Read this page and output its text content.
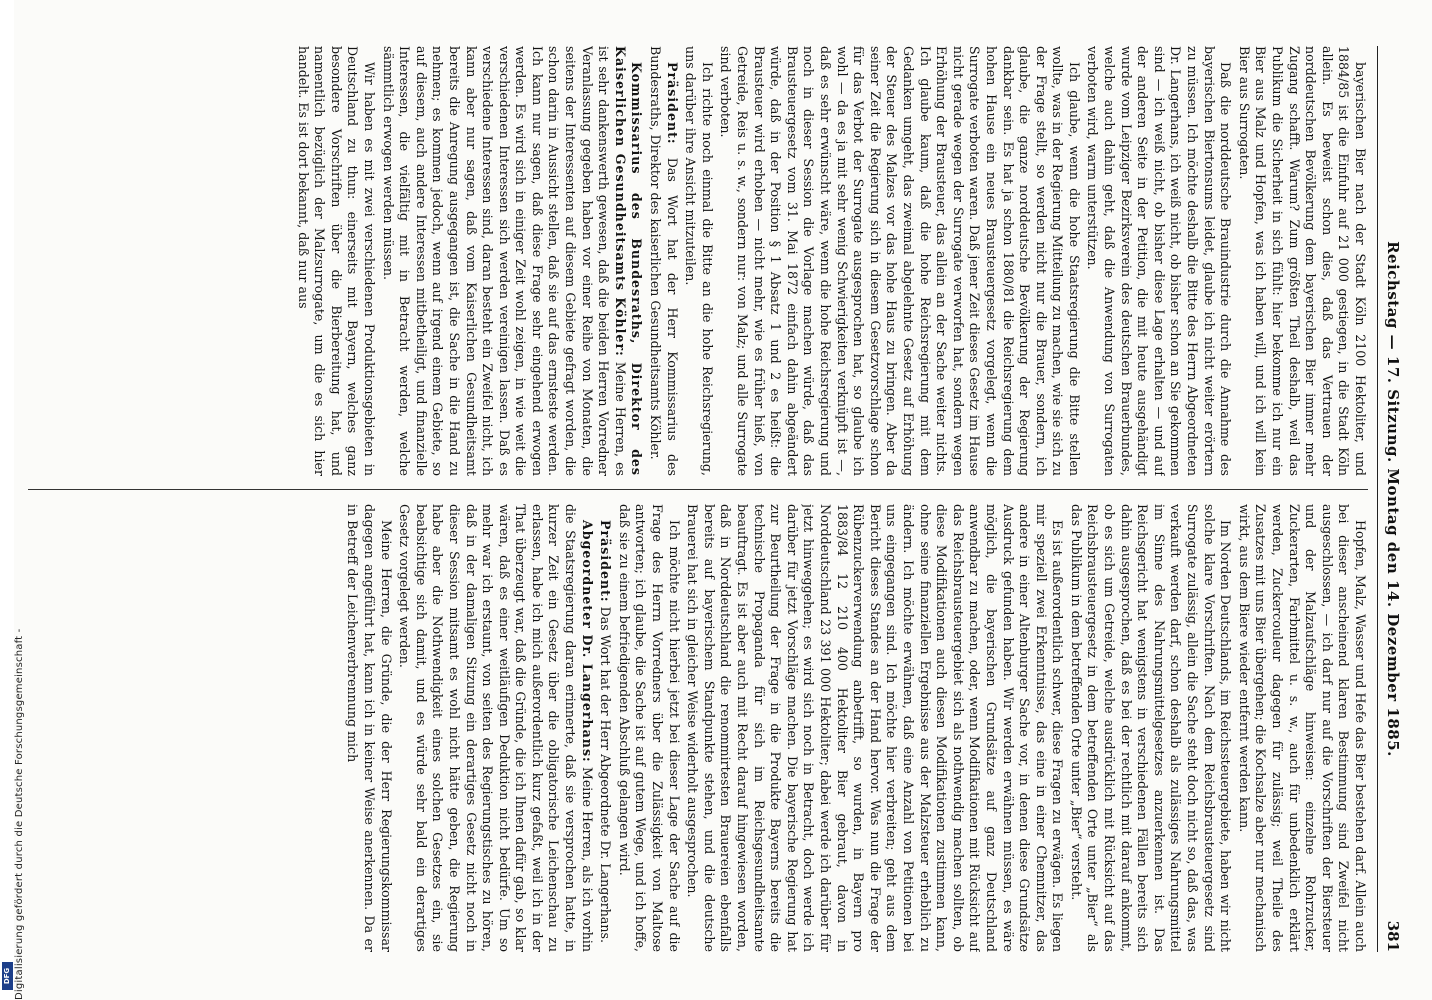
Reichstag — 17. Sitzung. Montag den 14. Dezember 1885.
381

bayerischen Bier nach der Stadt Köln 2100 Hektoliter, und 1884/85 ist die Einfuhr auf 21 000 gestiegen, in die Stadt Köln allein. Es beweist schon dies, daß das Vertrauen der norddeutschen Bevölkerung dem bayerischen Bier immer mehr Zugang schafft. Warum? Zum größten Theil deshalb, weil das Publikum die Sicherheit in sich fühlt: hier bekomme ich nur ein Bier aus Malz und Hopfen, was ich haben will, und ich will kein Bier aus Surrogaten.

Daß die norddeutsche Brauindustrie durch die Annahme des bayerischen Biertonsums leidet, glaube ich nicht weiter erörtern zu müssen. Ich möchte deshalb die Bitte des Herrn Abgeordneten Dr. Langerhans, ich weiß nicht, ob bisher schon an Sie gekommen sind — ich weiß nicht, ob bisher diese Lage erhalten — und auf der anderen Seite in der Petition, die mit heute ausgehändigt wurde vom Leipziger Bezirksverein des deutschen Brauerbundes, welche auch dahin geht, daß die Anwendung von Surrogaten verboten wird, warm unterstützen.

Ich glaube, wenn die hohe Staatsregierung die Bitte stellen wollte, was in der Regierung Mitteilung zu machen, wie sie sich zu der Frage stellt, so werden nicht nur die Brauer, sondern, ich glaube, die ganze norddeutsche Bevölkerung der Regierung dankbar sein. Es hat ja schon 1880/81 die Reichsregierung dem hohen Hause ein neues Brausteuergesetz vorgelegt, wenn die Surrogate verboten waren. Daß jener Zeit dieses Gesetz im Hause nicht gerade wegen der Surrogate verworfen hat, sondern wegen Erhöhung der Brausteuer, das allein an der Sache weiter nichts. Ich glaube kaum, daß die hohe Reichsregierung mit dem Gedanken umgeht, das zweimal abgelehnte Gesetz auf Erhöhung der Steuer des Malzes vor das hohe Haus zu bringen. Aber da seiner Zeit die Regierung sich in diesem Gesetzvorschlage schon für das Verbot der Surrogate ausgesprochen hat, so glaube ich wohl — da es ja mit sehr wenig Schwierigkeiten verknüpft ist —, daß es sehr erwünscht wäre, wenn die hohe Reichsregierung und noch in dieser Session die Vorlage machen würde, daß das Brausteuergesetz vom 31. Mai 1872 einfach dahin abgeändert würde, daß in der Position § 1 Absatz 1 und 2 es heißt: die Brausteuer wird erhoben — nicht mehr, wie es früher hieß, von Getreide, Reis u. s. w., sondern nur: von Malz; und alle Surrogate sind verboten.

Ich richte noch einmal die Bitte an die hohe Reichsregierung, uns darüber ihre Ansicht mitzuteilen.

Präsident: Das Wort hat der Herr Kommissarius des Bundesraths, Direktor des kaiserlichen Gesundheitsamts Köhler.

Kommissarius des Bundesraths, Direktor des Kaiserlichen Gesundheitsamts Köhler: Meine Herren, es ist sehr dankenswerth gewesen, daß die beiden Herren Vorredner Veranlassung gegeben haben vor einer Reihe von Monaten, die seitens der Interessenten auf diesem Gebiete gefragt worden, die schon darin in Aussicht stellen, daß sie auf das ernsteste werden. Ich kann nur sagen, daß diese Frage sehr eingehend erwogen werden. Es wird sich in einiger Zeit wohl zeigen, in wie weit die verschiedenen Interessen sich werden vereinigen lassen. Daß es verschiedene Interessen sind, daran besteht ein Zweifel nicht, ich kann aber nur sagen, daß vom Kaiserlichen Gesundheitsamt bereits die Anregung ausgegangen ist, die Sache in die Hand zu nehmen; es kommen jedoch, wenn auf irgend einem Gebiete, so auf diesem, auch andere Interessen mitbetheiligt, und finanzielle Interessen, die vielfältig mit in Betracht werden, welche sämmtlich erwogen werden müssen.

Wir haben es mit zwei verschiedenen Produktionsgebieten in Deutschland zu thun: einerseits mit Bayern, welches ganz besondere Vorschriften über die Bierbereitung hat, und namentlich bezüglich der Malzsurrogate, um die es sich hier handelt. Es ist dort bekannt, daß nur aus

Hopfen, Malz, Wasser und Hefe das Bier bestehen darf. Allein auch bei dieser anscheinend klaren Bestimmung sind Zweifel nicht ausgeschlossen, — ich darf nur auf die Vorschriften der Biersteuer und der Malzaufschläge hinweisen: einzelne Rohrzucker, Zuckerarten, Farbmittel u. s. w., auch für unbedenklich erklärt werden, Zuckercouleur dagegen für zulässig; weil Theile des Zusatzes mit uns Bier übergehen; die Kochsalze aber nur mechanisch wirkt, aus dem Biere wieder entfernt werden kann.

Im Norden Deutschlands, im Reichssteuergebiete, haben wir nicht solche klare Vorschriften. Nach dem Reichsbrausteuergesetz sind Surrogate zulässig, allein die Sache steht doch nicht so, daß das, was verkauft werden darf, schon deshalb als zulässiges Nahrungsmittel im Sinne des Nahrungsmittelgesetzes anzuerkennen ist. Das Reichsgericht hat wenigstens in verschiedenen Fällen bereits sich dahin ausgesprochen, daß es bei der rechtlich mit darauf ankommt, ob es sich um Getreide, welche ausdrücklich mit Rücksicht auf das Reichsbrausteuergesetz in dem betreffenden Orte unter „Bier“ als das Publikum in dem betreffenden Orte unter „Bier“ versteht.

Es ist außerordentlich schwer, diese Fragen zu erwägen. Es liegen mir speziell zwei Erkenntnisse, das eine in einer Chemnitzer, das andere in einer Altenburger Sache vor, in denen diese Grundsätze Ausdruck gefunden haben. Wir werden erwähnen müssen, es wäre möglich, die bayerischen Grundsätze auf ganz Deutschland anwendbar zu machen, oder, wenn Modifikationen mit Rücksicht auf das Reichsbrausteuergebiet sich als nothwendig machen sollten, ob diese Modifikationen auch diesen Modifikationen zustimmen kann, ohne seine finanziellen Ergebnisse aus der Malzsteuer erheblich zu ändern. Ich möchte erwähnen, daß eine Anzahl von Petitionen bei uns eingegangen sind. Ich möchte hier verbreiten; geht aus dem Bericht dieses Standes an der Hand hervor. Was nun die Frage der Rübenzuckerverwendung anbetrifft, so wurden, in Bayern pro 1883/84 12 210 400 Hektoliter Bier gebraut, davon in Norddeutschland 23 391 000 Hektoliter; dabei werde ich darüber für jetzt hinweggehen; es wird sich noch in Betracht, doch werde ich darüber für jetzt Vorschläge machen. Die bayerische Regierung hat zur Beurtheilung der Frage in die Produkte Bayerns bereits die technische Propaganda für sich im Reichsgesundheitsamte beauftragt. Es ist aber auch mit Recht darauf hingewiesen worden, daß in Norddeutschland die renommirtesten Brauereien ebenfalls bereits auf bayerischem Standpunkte stehen, und die deutsche Brauerei hat sich in gleicher Weise widerholt ausgesprochen.

Ich möchte nicht hierbei jetzt bei dieser Lage der Sache auf die Frage des Herrn Vorredners über die Zulässigkeit von Maltose antworten; ich glaube, die Sache ist auf gutem Wege, und ich hoffe, daß sie zu einem befriedigenden Abschluß gelangen wird.

Präsident: Das Wort hat der Herr Abgeordnete Dr. Langerhans.

Abgeordneter Dr. Langerhans: Meine Herren, als ich vorhin die Staatsregierung daran erinnerte, daß sie versprochen hatte, in kurzer Zeit ein Gesetz über die obligatorische Leichenschau zu erlassen, habe ich mich außerordentlich kurz gefaßt, weil ich in der That überzeugt war, daß die Gründe, die ich Ihnen dafür gab, so klar wären, daß es einer weitläufigen Deduktion nicht bedürfe. Um so mehr war ich erstaunt, von seiten des Regierungstisches zu hören, daß in der damaligen Sitzung ein derartiges Gesetz nicht noch in dieser Session mitsamt es wohl nicht hätte geben, die Regierung habe aber die Nothwendigkeit eines solchen Gesetzes ein, sie beabsichtige sich damit, und es würde sehr bald ein derartiges Gesetz vorgelegt werden.

Meine Herren, die Gründe, die der Herr Regierungskommissar dagegen angeführt hat, kann ich in keiner Weise anerkennen. Da er in Betreff der Leichenverbrennung mich

Digitalisierung gefördert durch die Deutsche Forschungsgemeinschaft -
DFG
